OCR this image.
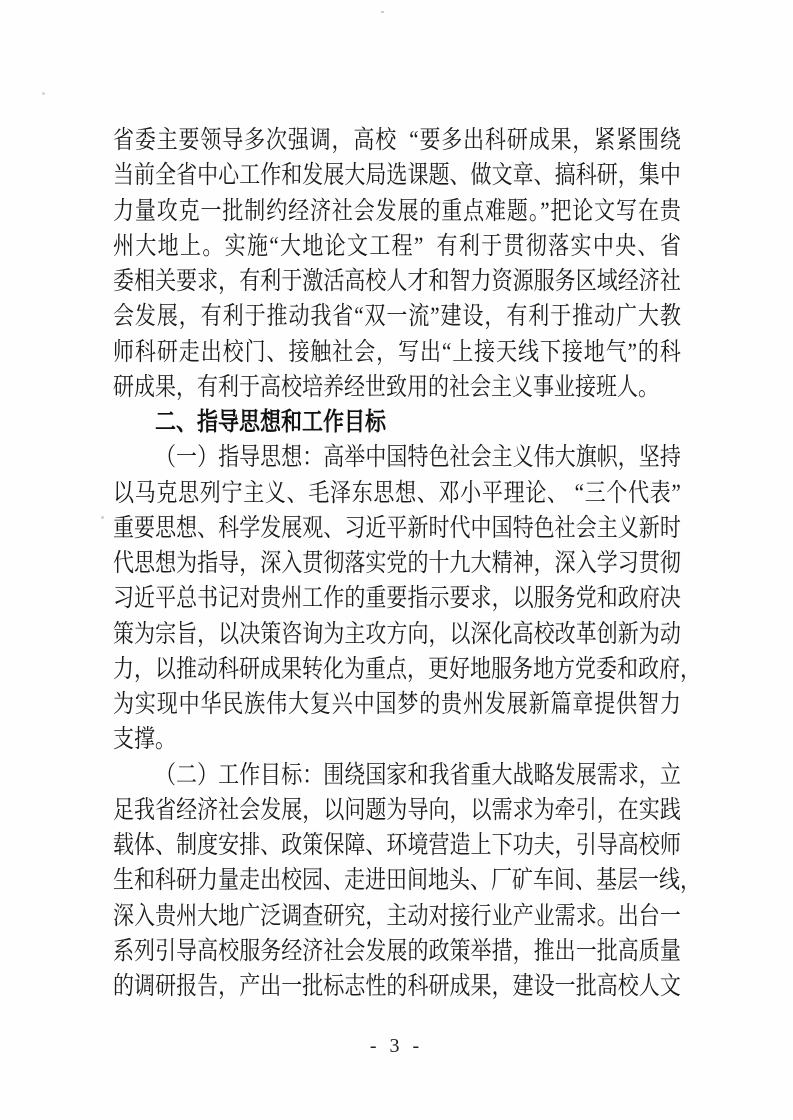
省委主要领导多次强调，高校  “要多出科研成果，紧紧围绕
当前全省中心工作和发展大局选课题、做文章、搞科研，集中
力量攻克一批制约经济社会发展的重点难题。”把论文写在贵
州大地上。实施“大地论文工程”  有利于贯彻落实中央、省
委相关要求，有利于激活高校人才和智力资源服务区域经济社
会发展，有利于推动我省“双一流”建设，有利于推动广大教
师科研走出校门、接触社会，写出“上接天线下接地气”的科
研成果，有利于高校培养经世致用的社会主义事业接班人。
二、指导思想和工作目标
（一）指导思想：高举中国特色社会主义伟大旗帜，坚持
以马克思列宁主义、毛泽东思想、邓小平理论、 “三个代表”
重要思想、科学发展观、习近平新时代中国特色社会主义新时
代思想为指导，深入贯彻落实党的十九大精神，深入学习贯彻
习近平总书记对贵州工作的重要指示要求，以服务党和政府决
策为宗旨，以决策咨询为主攻方向，以深化高校改革创新为动
力，以推动科研成果转化为重点，更好地服务地方党委和政府，
为实现中华民族伟大复兴中国梦的贵州发展新篇章提供智力
支撑。
（二）工作目标：围绕国家和我省重大战略发展需求，立
足我省经济社会发展，以问题为导向，以需求为牵引，在实践
载体、制度安排、政策保障、环境营造上下功夫，引导高校师
生和科研力量走出校园、走进田间地头、厂矿车间、基层一线，
深入贵州大地广泛调查研究，主动对接行业产业需求。出台一
系列引导高校服务经济社会发展的政策举措，推出一批高质量
的调研报告，产出一批标志性的科研成果，建设一批高校人文
- 3 -
